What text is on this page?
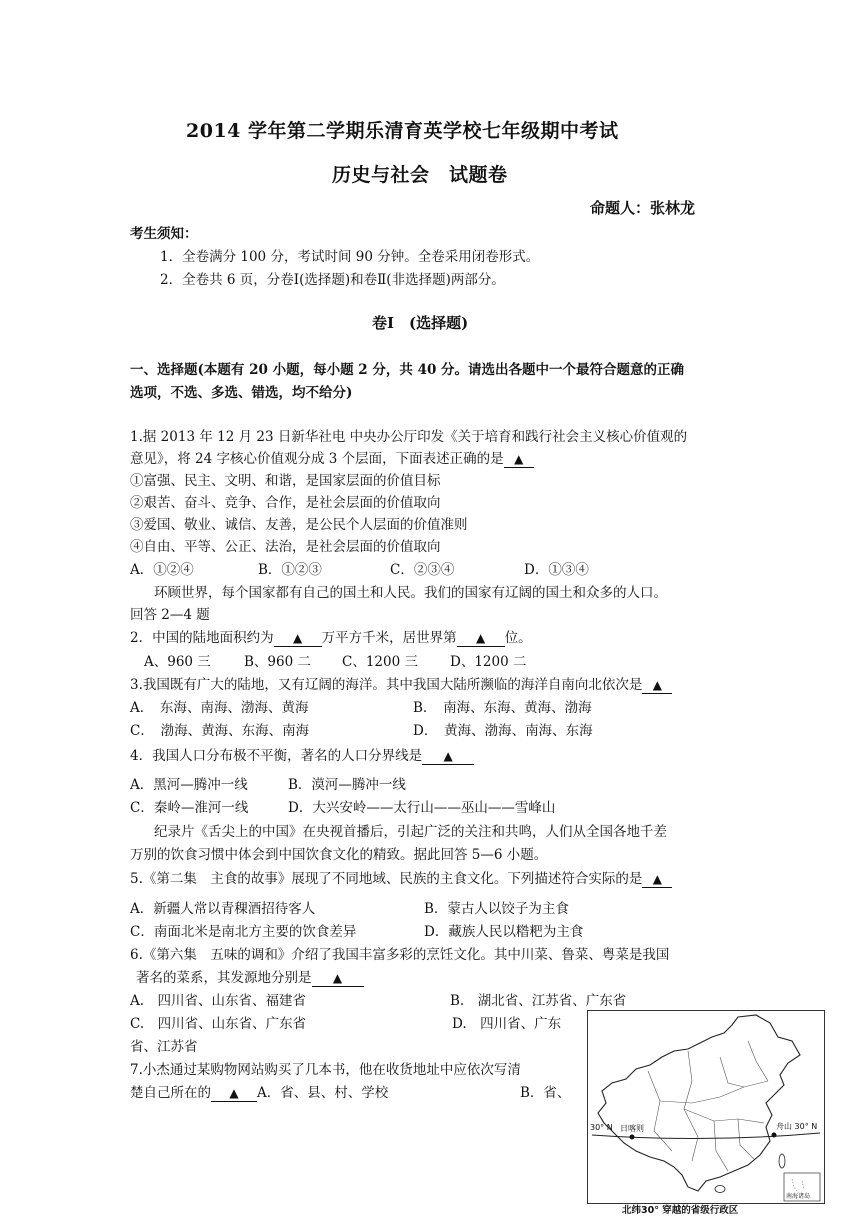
2014 学年第二学期乐清育英学校七年级期中考试
历史与社会　试题卷
命题人：张林龙
考生须知：
1．全卷满分 100 分，考试时间 90 分钟。全卷采用闭卷形式。
2．全卷共 6 页，分卷Ⅰ(选择题)和卷Ⅱ(非选择题)两部分。
卷Ⅰ　(选择题)
一、选择题(本题有 20 小题，每小题 2 分，共 40 分。请选出各题中一个最符合题意的正确
选项，不选、多选、错选，均不给分)
1.据 2013 年 12 月 23 日新华社电 中央办公厅印发《关于培育和践行社会主义核心价值观的
意见》，将 24 字核心价值观分成 3 个层面，下面表述正确的是 ▲
①富强、民主、文明、和谐，是国家层面的价值目标
②艰苦、奋斗、竞争、合作，是社会层面的价值取向
③爱国、敬业、诚信、友善，是公民个人层面的价值准则
④自由、平等、公正、法治，是社会层面的价值取向
A．①②④	B．①②③	C．②③④	D．①③④
环顾世界，每个国家都有自己的国土和人民。我们的国家有辽阔的国土和众多的人口。
回答 2—4 题
2．中国的陆地面积约为 ▲ 万平方千米，居世界第 ▲ 位。
A、960 三 B、960 二 C、1200 三 D、1200 二
3.我国既有广大的陆地，又有辽阔的海洋。其中我国大陆所濒临的海洋自南向北依次是 ▲
A．　东海、南海、渤海、黄海	B．　南海、东海、黄海、渤海
C．　渤海、黄海、东海、南海	D．　黄海、渤海、南海、东海
4．我国人口分布极不平衡，著名的人口分界线是 ▲
A．黑河—腾冲一线	B．漠河—腾冲一线
C．秦岭—淮河一线	D．大兴安岭——太行山——巫山——雪峰山
纪录片《舌尖上的中国》在央视首播后，引起广泛的关注和共鸣，人们从全国各地千差
万别的饮食习惯中体会到中国饮食文化的精致。据此回答 5—6 小题。
5.《第二集　主食的故事》展现了不同地域、民族的主食文化。下列描述符合实际的是 ▲
A．新疆人常以青稞酒招待客人	B．蒙古人以饺子为主食
C．南面北米是南北方主要的饮食差异	D．藏族人民以糌粑为主食
6.《第六集　五味的调和》介绍了我国丰富多彩的烹饪文化。其中川菜、鲁菜、粤菜是我国
著名的菜系，其发源地分别是 ▲
A.　四川省、山东省、福建省	B.　湖北省、江苏省、广东省
C.　四川省、山东省、广东省	D.　四川省、广东
省、江苏省
7.小杰通过某购物网站购买了几本书，他在收货地址中应依次写清
楚自己所在的 ▲ A．省、县、村、学校	B．省、
30° N 日喀则	舟山 30° N
南海诸岛
北纬30° 穿越的省级行政区
